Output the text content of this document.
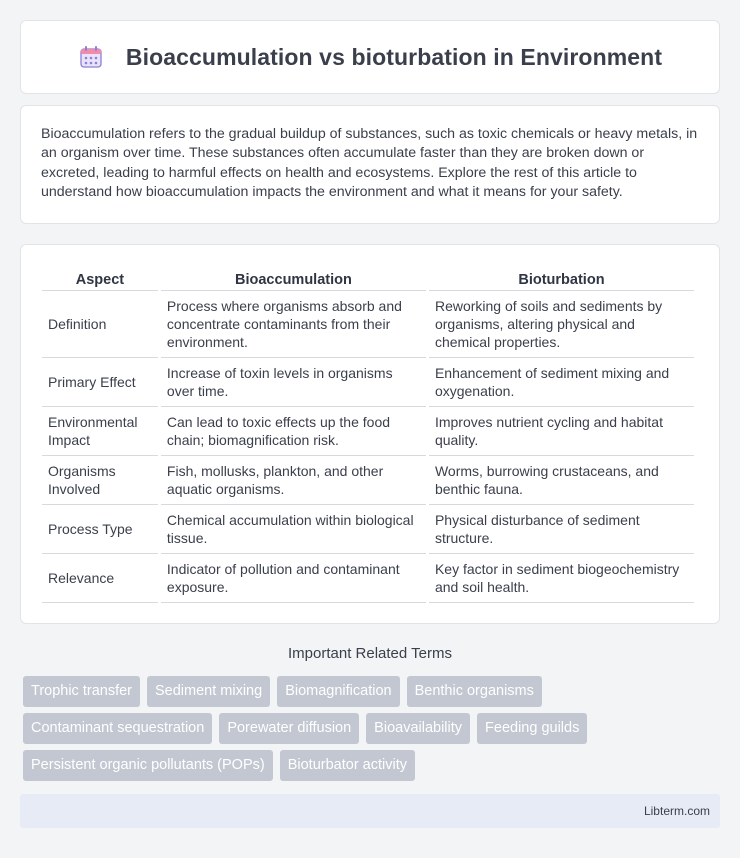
Bioaccumulation vs bioturbation in Environment

Bioaccumulation refers to the gradual buildup of substances, such as toxic chemicals or heavy metals, in an organism over time. These substances often accumulate faster than they are broken down or excreted, leading to harmful effects on health and ecosystems. Explore the rest of this article to understand how bioaccumulation impacts the environment and what it means for your safety.

Aspect	Bioaccumulation	Bioturbation
Definition	Process where organisms absorb and concentrate contaminants from their environment.	Reworking of soils and sediments by organisms, altering physical and chemical properties.
Primary Effect	Increase of toxin levels in organisms over time.	Enhancement of sediment mixing and oxygenation.
Environmental Impact	Can lead to toxic effects up the food chain; biomagnification risk.	Improves nutrient cycling and habitat quality.
Organisms Involved	Fish, mollusks, plankton, and other aquatic organisms.	Worms, burrowing crustaceans, and benthic fauna.
Process Type	Chemical accumulation within biological tissue.	Physical disturbance of sediment structure.
Relevance	Indicator of pollution and contaminant exposure.	Key factor in sediment biogeochemistry and soil health.
Important Related Terms
Trophic transfer	Sediment mixing	Biomagnification	Benthic organisms
Contaminant sequestration	Porewater diffusion	Bioavailability	Feeding guilds
Persistent organic pollutants (POPs)	Bioturbator activity
Libterm.com
